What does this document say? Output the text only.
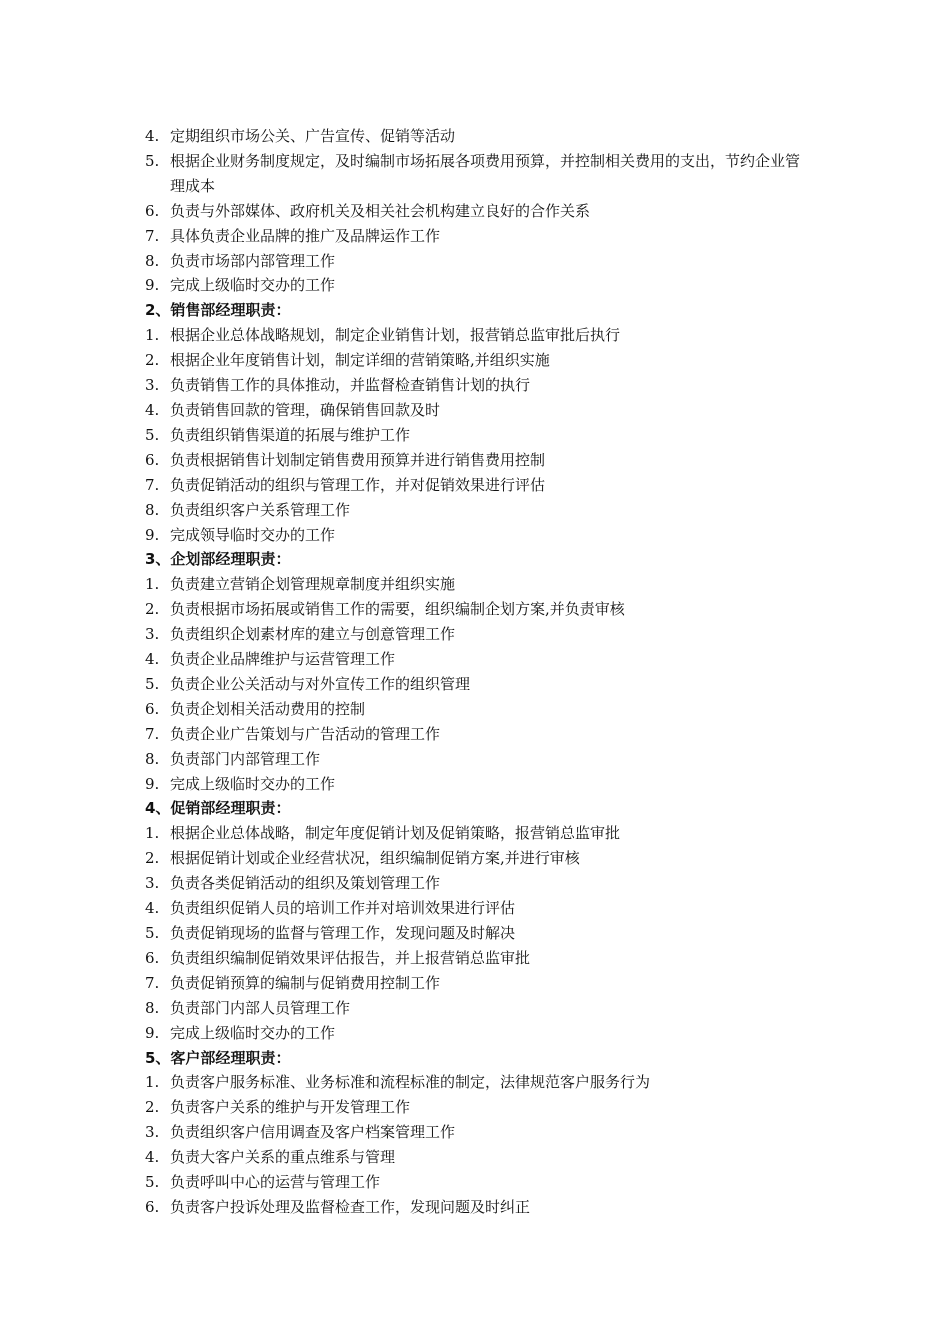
4. 定期组织市场公关、广告宣传、促销等活动
5. 根据企业财务制度规定，及时编制市场拓展各项费用预算，并控制相关费用的支出，节约企业管理成本
6. 负责与外部媒体、政府机关及相关社会机构建立良好的合作关系
7. 具体负责企业品牌的推广及品牌运作工作
8. 负责市场部内部管理工作
9. 完成上级临时交办的工作
2、销售部经理职责：
1. 根据企业总体战略规划，制定企业销售计划，报营销总监审批后执行
2. 根据企业年度销售计划，制定详细的营销策略,并组织实施
3. 负责销售工作的具体推动，并监督检查销售计划的执行
4. 负责销售回款的管理，确保销售回款及时
5. 负责组织销售渠道的拓展与维护工作
6. 负责根据销售计划制定销售费用预算并进行销售费用控制
7. 负责促销活动的组织与管理工作，并对促销效果进行评估
8. 负责组织客户关系管理工作
9. 完成领导临时交办的工作
3、企划部经理职责：
1. 负责建立营销企划管理规章制度并组织实施
2. 负责根据市场拓展或销售工作的需要，组织编制企划方案,并负责审核
3. 负责组织企划素材库的建立与创意管理工作
4. 负责企业品牌维护与运营管理工作
5. 负责企业公关活动与对外宣传工作的组织管理
6. 负责企划相关活动费用的控制
7. 负责企业广告策划与广告活动的管理工作
8. 负责部门内部管理工作
9. 完成上级临时交办的工作
4、促销部经理职责：
1. 根据企业总体战略，制定年度促销计划及促销策略，报营销总监审批
2. 根据促销计划或企业经营状况，组织编制促销方案,并进行审核
3. 负责各类促销活动的组织及策划管理工作
4. 负责组织促销人员的培训工作并对培训效果进行评估
5. 负责促销现场的监督与管理工作，发现问题及时解决
6. 负责组织编制促销效果评估报告，并上报营销总监审批
7. 负责促销预算的编制与促销费用控制工作
8. 负责部门内部人员管理工作
9. 完成上级临时交办的工作
5、客户部经理职责：
1. 负责客户服务标准、业务标准和流程标准的制定，法律规范客户服务行为
2. 负责客户关系的维护与开发管理工作
3. 负责组织客户信用调查及客户档案管理工作
4. 负责大客户关系的重点维系与管理
5. 负责呼叫中心的运营与管理工作
6. 负责客户投诉处理及监督检查工作，发现问题及时纠正
